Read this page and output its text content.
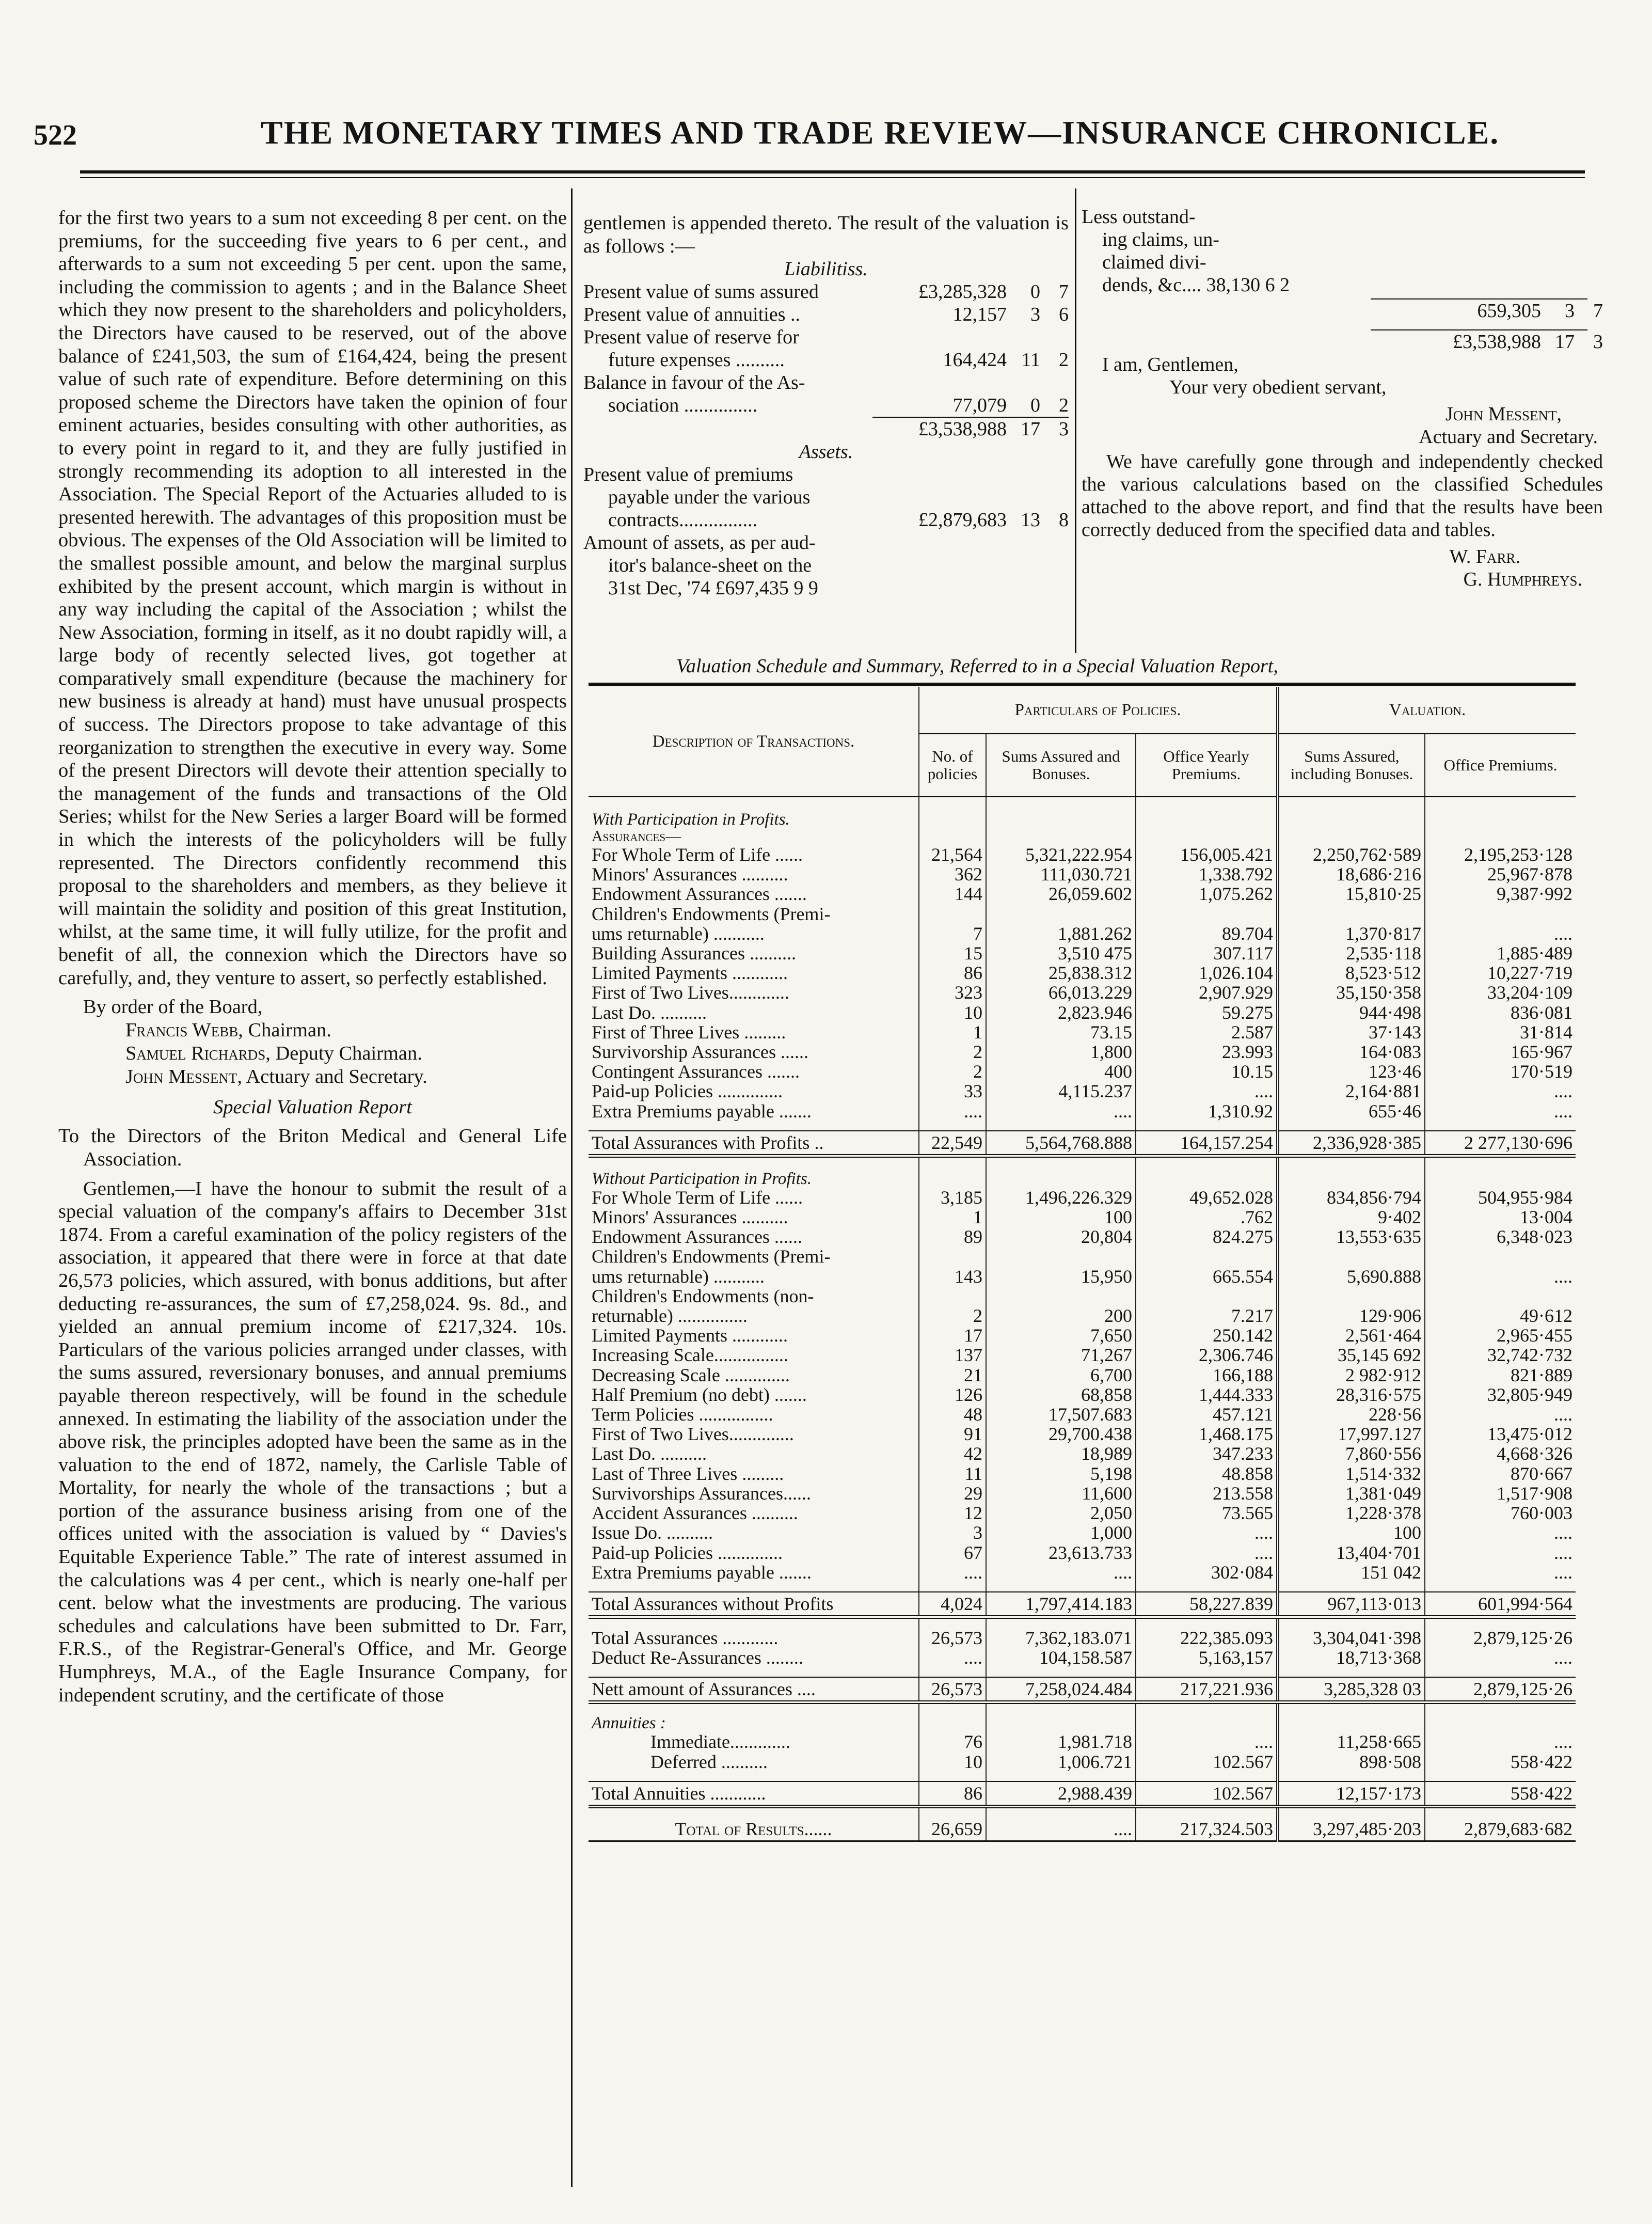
522	THE MONETARY TIMES AND TRADE REVIEW—INSURANCE CHRONICLE.

for the first two years to a sum not exceeding 8 per cent. on the premiums, for the succeeding five years to 6 per cent., and afterwards to a sum not exceeding 5 per cent. upon the same, including the commission to agents ; and in the Balance Sheet which they now present to the shareholders and policyholders, the Directors have caused to be reserved, out of the above balance of £241,503, the sum of £164,424, being the present value of such rate of expenditure. Before determining on this proposed scheme the Directors have taken the opinion of four eminent actuaries, besides consulting with other authorities, as to every point in regard to it, and they are fully justified in strongly recommending its adoption to all interested in the Association. The Special Report of the Actuaries alluded to is presented herewith. The advantages of this proposition must be obvious. The expenses of the Old Association will be limited to the smallest possible amount, and below the marginal surplus exhibited by the present account, which margin is without in any way including the capital of the Association ; whilst the New Association, forming in itself, as it no doubt rapidly will, a large body of recently selected lives, got together at comparatively small expenditure (because the machinery for new business is already at hand) must have unusual prospects of success. The Directors propose to take advantage of this reorganization to strengthen the executive in every way. Some of the present Directors will devote their attention specially to the management of the funds and transactions of the Old Series; whilst for the New Series a larger Board will be formed in which the interests of the policyholders will be fully represented. The Directors confidently recommend this proposal to the shareholders and members, as they believe it will maintain the solidity and position of this great Institution, whilst, at the same time, it will fully utilize, for the profit and benefit of all, the connexion which the Directors have so carefully, and, they venture to assert, so perfectly established.

By order of the Board,

Francis Webb, Chairman.
Samuel Richards, Deputy Chairman.
John Messent, Actuary and Secretary.

Special Valuation Report

To the Directors of the Briton Medical and General Life Association.

Gentlemen,—I have the honour to submit the result of a special valuation of the company's affairs to December 31st 1874. From a careful examination of the policy registers of the association, it appeared that there were in force at that date 26,573 policies, which assured, with bonus additions, but after deducting re-assurances, the sum of £7,258,024. 9s. 8d., and yielded an annual premium income of £217,324. 10s. Particulars of the various policies arranged under classes, with the sums assured, reversionary bonuses, and annual premiums payable thereon respectively, will be found in the schedule annexed. In estimating the liability of the association under the above risk, the principles adopted have been the same as in the valuation to the end of 1872, namely, the Carlisle Table of Mortality, for nearly the whole of the transactions ; but a portion of the assurance business arising from one of the offices united with the association is valued by “ Davies's Equitable Experience Table.” The rate of interest assumed in the calculations was 4 per cent., which is nearly one-half per cent. below what the investments are producing. The various schedules and calculations have been submitted to Dr. Farr, F.R.S., of the Registrar-General's Office, and Mr. George Humphreys, M.A., of the Eagle Insurance Company, for independent scrutiny, and the certificate of those

gentlemen is appended thereto. The result of the valuation is as follows :—

Liabilitiss.
Present value of sums assured	£3,285,328	0 7
Present value of annuities ..	12,157	3 6
Present value of reserve for
future expenses ..........	164,424 11 2
Balance in favour of the As-
sociation ...............	77,079	0 2
£3,538,988 17 3
Assets.
Present value of premiums
payable under the various
contracts................	£2,879,683 13 8
Amount of assets, as per aud-
itor's balance-sheet on the
31st Dec, '74 £697,435 9 9
Less outstand-
ing claims, un-
claimed divi-
dends, &c.... 38,130 6 2
659,305	3 7
£3,538,988 17 3
I am, Gentlemen,
Your very obedient servant,
John Messent,
Actuary and Secretary.

We have carefully gone through and independently checked the various calculations based on the classified Schedules attached to the above report, and find that the results have been correctly deduced from the specified data and tables.

W. Farr.
G. Humphreys.
Valuation Schedule and Summary, Referred to in a Special Valuation Report,
Description of Transactions.	Particulars of Policies.			Valuation.	
	No. of policies	Sums Assured and Bonuses.	Office Yearly Premiums.	Sums Assured, including Bonuses.	Office Premiums.
With Participation in Profits.					
Assurances—					
For Whole Term of Life ......	21,564	5,321,222.954	156,005.421	2,250,762·589	2,195,253·128
Minors' Assurances ..........	362	111,030.721	1,338.792	18,686·216	25,967·878
Endowment Assurances .......	144	26,059.602	1,075.262	15,810·25	9,387·992
Children's Endowments (Premi-					
ums returnable) ...........	7	1,881.262	89.704	1,370·817	....
Building Assurances ..........	15	3,510 475	307.117	2,535·118	1,885·489
Limited Payments ............	86	25,838.312	1,026.104	8,523·512	10,227·719
First of Two Lives.............	323	66,013.229	2,907.929	35,150·358	33,204·109
Last Do. ..........	10	2,823.946	59.275	944·498	836·081
First of Three Lives .........	1	73.15	2.587	37·143	31·814
Survivorship Assurances ......	2	1,800	23.993	164·083	165·967
Contingent Assurances .......	2	400	10.15	123·46	170·519
Paid-up Policies ..............	33	4,115.237	....	2,164·881	....
Extra Premiums payable .......	....	....	1,310.92	655·46	....

Total Assurances with Profits ..	22,549	5,564,768.888	164,157.254	2,336,928·385	2 277,130·696
Without Participation in Profits.					
For Whole Term of Life ......	3,185	1,496,226.329	49,652.028	834,856·794	504,955·984
Minors' Assurances ..........	1	100	.762	9·402	13·004
Endowment Assurances ......	89	20,804	824.275	13,553·635	6,348·023
Children's Endowments (Premi-					
ums returnable) ...........	143	15,950	665.554	5,690.888	....
Children's Endowments (non-					
returnable) ...............	2	200	7.217	129·906	49·612
Limited Payments ............	17	7,650	250.142	2,561·464	2,965·455
Increasing Scale................	137	71,267	2,306.746	35,145 692	32,742·732
Decreasing Scale ..............	21	6,700	166,188	2 982·912	821·889
Half Premium (no debt) .......	126	68,858	1,444.333	28,316·575	32,805·949
Term Policies ................	48	17,507.683	457.121	228·56	....
First of Two Lives..............	91	29,700.438	1,468.175	17,997.127	13,475·012
Last Do. ..........	42	18,989	347.233	7,860·556	4,668·326
Last of Three Lives .........	11	5,198	48.858	1,514·332	870·667
Survivorships Assurances......	29	11,600	213.558	1,381·049	1,517·908
Accident Assurances ..........	12	2,050	73.565	1,228·378	760·003
Issue Do. ..........	3	1,000	....	100	....
Paid-up Policies ..............	67	23,613.733	....	13,404·701	....
Extra Premiums payable .......	....	....	302·084	151 042	....

Total Assurances without Profits	4,024	1,797,414.183	58,227.839	967,113·013	601,994·564

Total Assurances ............	26,573	7,362,183.071	222,385.093	3,304,041·398	2,879,125·26
Deduct Re-Assurances ........	....	104,158.587	5,163,157	18,713·368	....

Nett amount of Assurances ....	26,573	7,258,024.484	217,221.936	3,285,328 03	2,879,125·26
Annuities :					
Immediate.............	76	1,981.718	....	11,258·665	....
Deferred ..........	10	1,006.721	102.567	898·508	558·422

Total Annuities ............	86	2,988.439	102.567	12,157·173	558·422

Total of Results......	26,659	....	217,324.503	3,297,485·203	2,879,683·682
